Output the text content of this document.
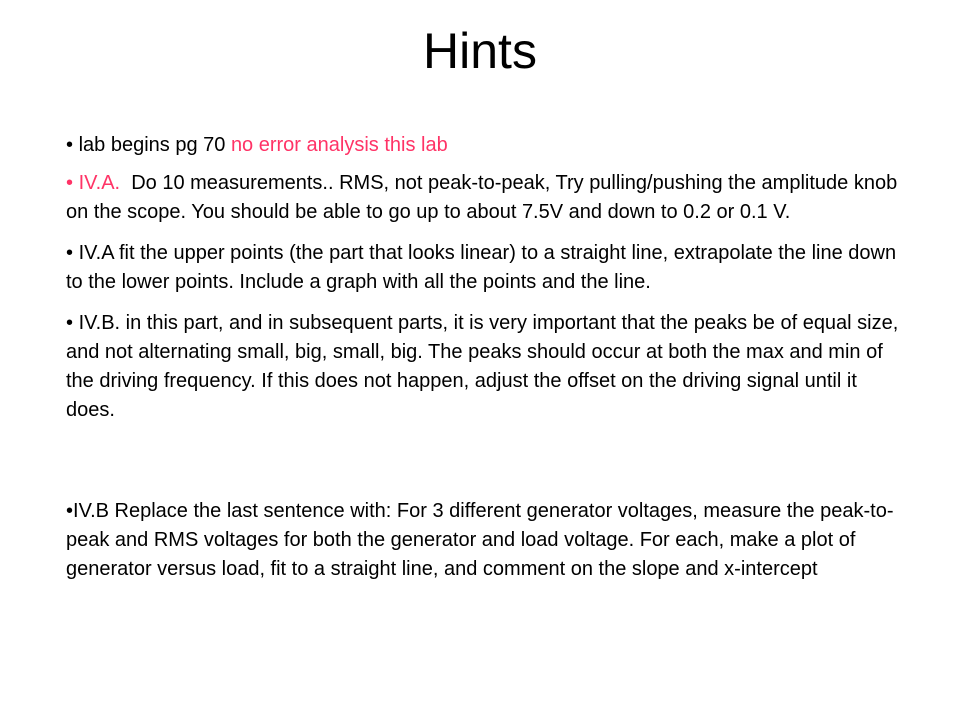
Hints
• lab begins pg 70 no error analysis this lab
• IV.A. Do 10 measurements.. RMS, not peak-to-peak, Try pulling/pushing the amplitude knob on the scope. You should be able to go up to about 7.5V and down to 0.2 or 0.1 V.
• IV.A fit the upper points (the part that looks linear) to a straight line, extrapolate the line down to the lower points. Include a graph with all the points and the line.
• IV.B. in this part, and in subsequent parts, it is very important that the peaks be of equal size, and not alternating small, big, small, big. The peaks should occur at both the max and min of the driving frequency. If this does not happen, adjust the offset on the driving signal until it does.
•IV.B Replace the last sentence with: For 3 different generator voltages, measure the peak-to-peak and RMS voltages for both the generator and load voltage. For each, make a plot of generator versus load, fit to a straight line, and comment on the slope and x-intercept
